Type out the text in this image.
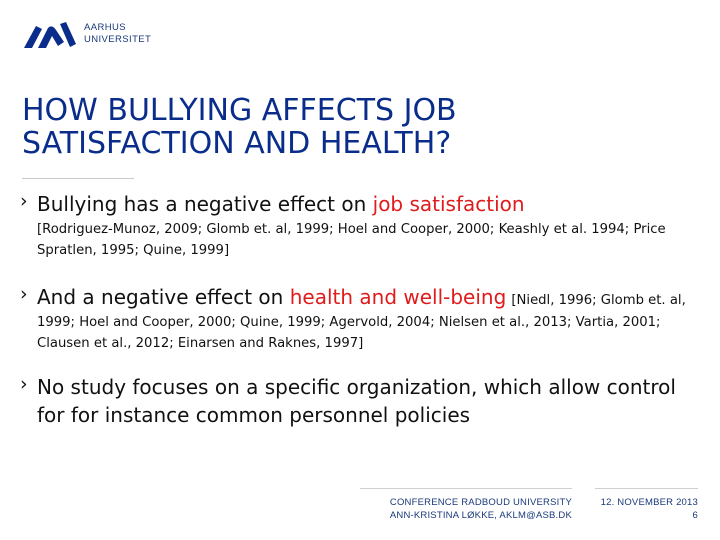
AARHUS
UNIVERSITET
HOW BULLYING AFFECTS JOB
SATISFACTION AND HEALTH?
› Bullying has a negative effect on job satisfaction
[Rodriguez-Munoz, 2009; Glomb et. al, 1999; Hoel and Cooper, 2000; Keashly et al. 1994; Price Spratlen, 1995; Quine, 1999]
› And a negative effect on health and well-being [Niedl, 1996; Glomb et. al, 1999; Hoel and Cooper, 2000; Quine, 1999; Agervold, 2004; Nielsen et al., 2013; Vartia, 2001; Clausen et al., 2012; Einarsen and Raknes, 1997]
› No study focuses on a specific organization, which allow control for for instance common personnel policies
CONFERENCE RADBOUD UNIVERSITY
ANN-KRISTINA LØKKE, AKLM@ASB.DK
12. NOVEMBER 2013
6
